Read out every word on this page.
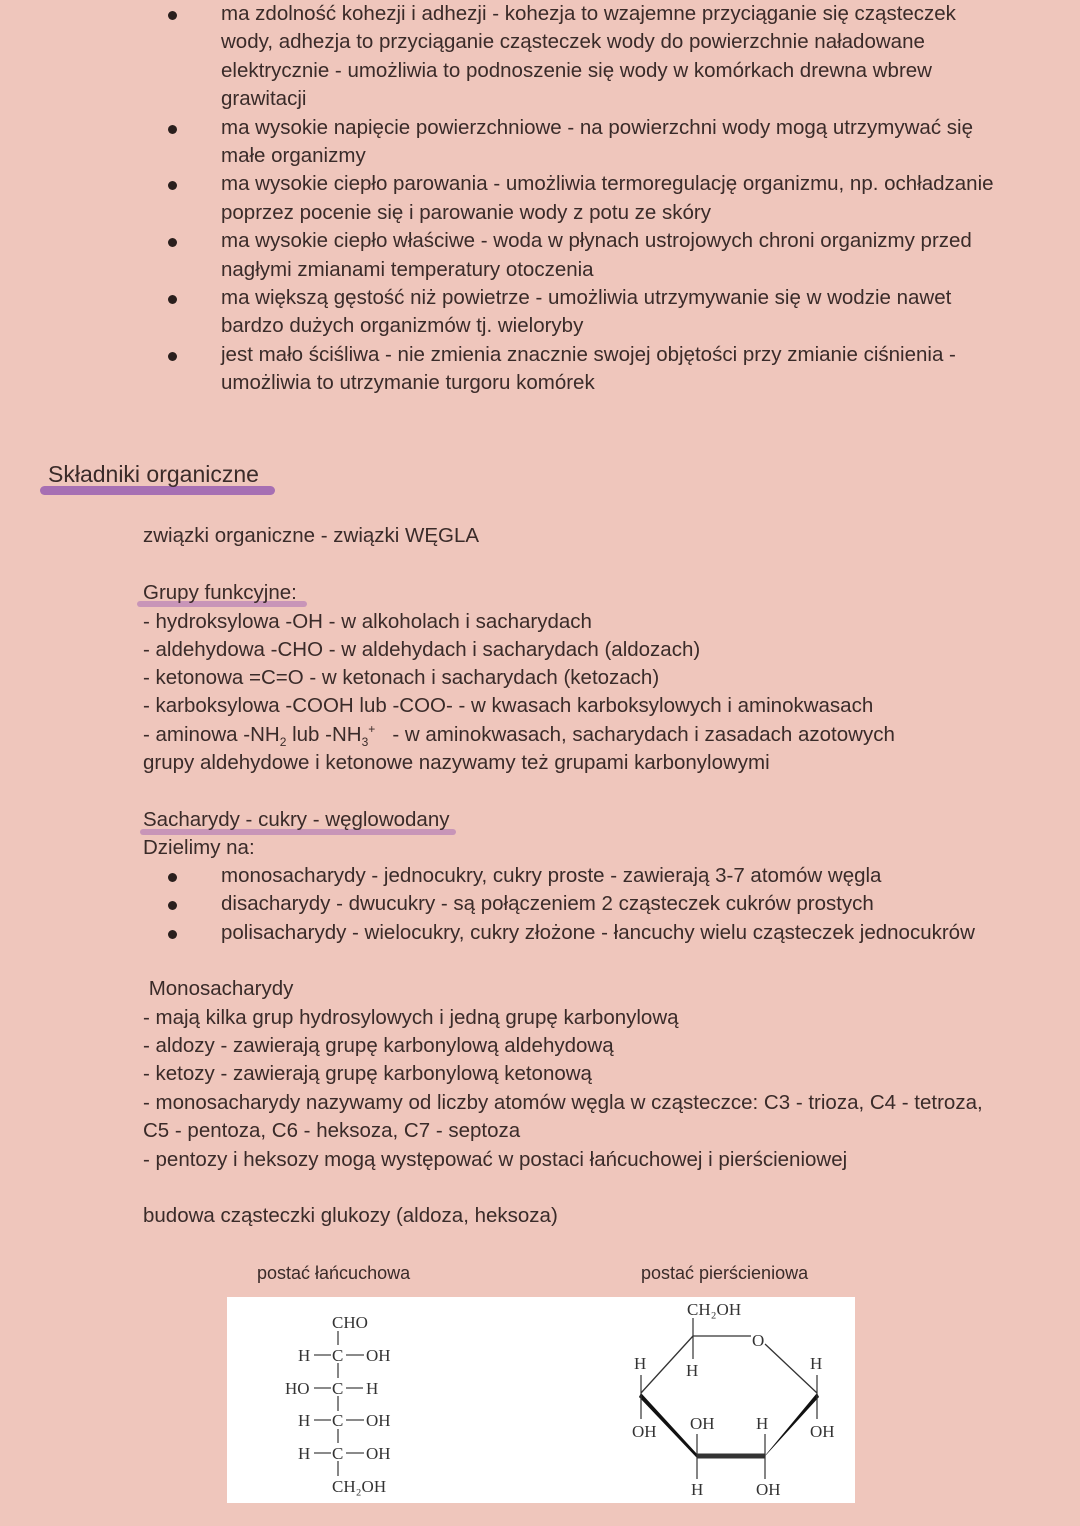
ma zdolność kohezji i adhezji - kohezja to wzajemne przyciąganie się cząsteczek
wody, adhezja to przyciąganie cząsteczek wody do powierzchnie naładowane
elektrycznie - umożliwia to podnoszenie się wody w komórkach drewna wbrew
grawitacji
ma wysokie napięcie powierzchniowe - na powierzchni wody mogą utrzymywać się
małe organizmy
ma wysokie ciepło parowania - umożliwia termoregulację organizmu, np. ochładzanie
poprzez pocenie się i parowanie wody z potu ze skóry
ma wysokie ciepło właściwe - woda w płynach ustrojowych chroni organizmy przed
nagłymi zmianami temperatury otoczenia
ma większą gęstość niż powietrze - umożliwia utrzymywanie się w wodzie nawet
bardzo dużych organizmów tj. wieloryby
jest mało ściśliwa - nie zmienia znacznie swojej objętości przy zmianie ciśnienia -
umożliwia to utrzymanie turgoru komórek
Składniki organiczne
związki organiczne - związki WĘGLA
Grupy funkcyjne:
- hydroksylowa -OH - w alkoholach i sacharydach
- aldehydowa -CHO - w aldehydach i sacharydach (aldozach)
- ketonowa =C=O - w ketonach i sacharydach (ketozach)
- karboksylowa -COOH lub -COO- - w kwasach karboksylowych i aminokwasach
- aminowa $-NH_2$ lub $-NH_3^+$   - w aminokwasach, sacharydach i zasadach azotowych
grupy aldehydowe i ketonowe nazywamy też grupami karbonylowymi
Sacharydy - cukry - węglowodany
Dzielimy na:
monosacharydy - jednocukry, cukry proste - zawierają 3-7 atomów węgla
disacharydy - dwucukry - są połączeniem 2 cząsteczek cukrów prostych
polisacharydy - wielocukry, cukry złożone - łancuchy wielu cząsteczek jednocukrów
Monosacharydy
- mają kilka grup hydrosylowych i jedną grupę karbonylową
- aldozy - zawierają grupę karbonylową aldehydową
- ketozy - zawierają grupę karbonylową ketonową
- monosacharydy nazywamy od liczby atomów węgla w cząsteczce: C3 - trioza, C4 - tetroza,
C5 - pentoza, C6 - heksoza, C7 - septoza
- pentozy i heksozy mogą występować w postaci łańcuchowej i pierścieniowej
budowa cząsteczki glukozy (aldoza, heksoza)
postać łańcuchowa	postać pierścieniowa
CHO
H C OH
HO C H
H C OH
H C OH
CH₂OH
CH₂OH
O
H
H
OH OH
H
H
OH
H
OH
